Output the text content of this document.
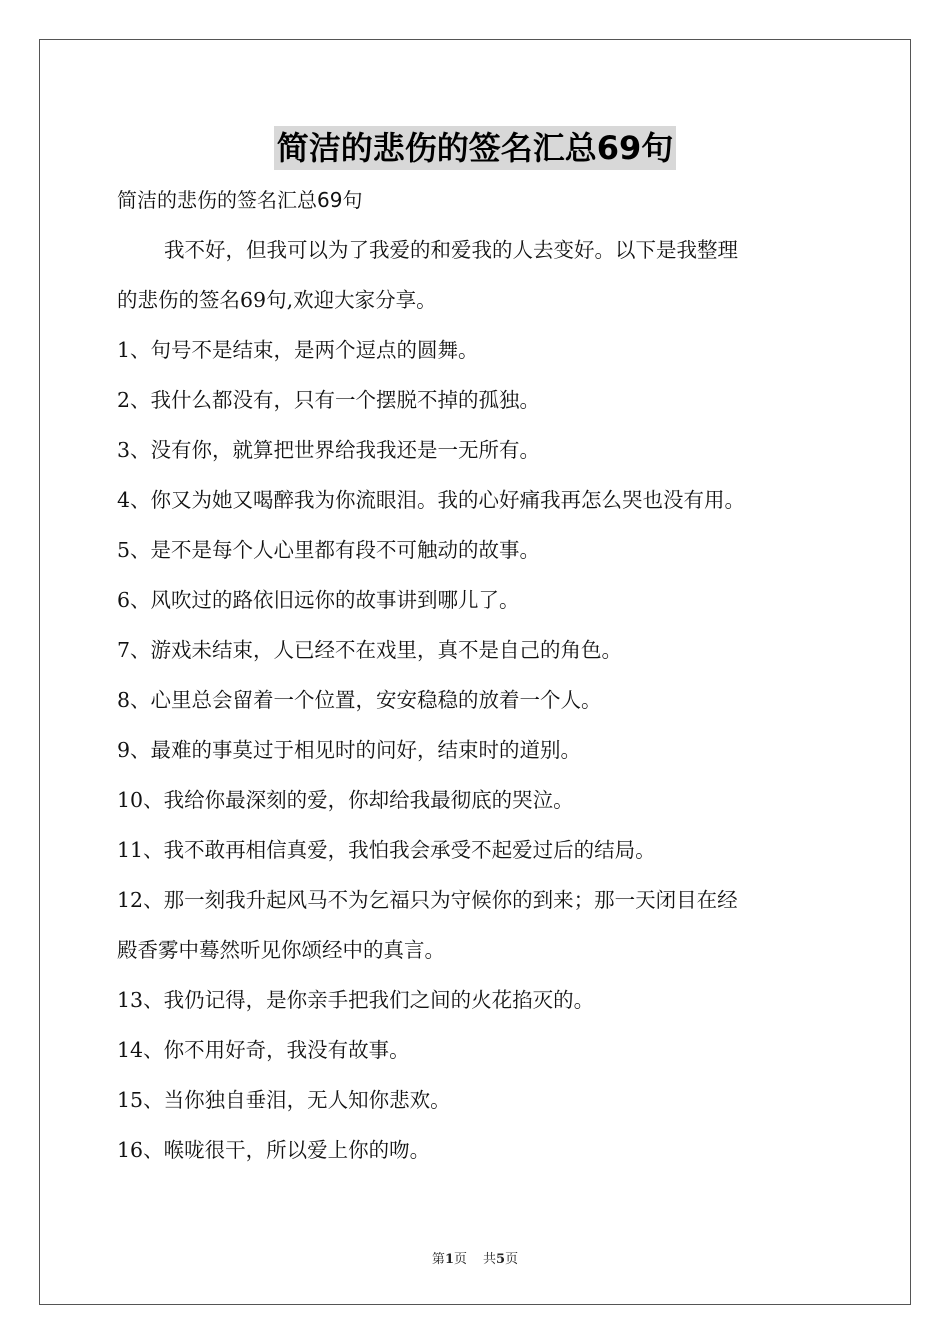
简洁的悲伤的签名汇总69句
简洁的悲伤的签名汇总69句
我不好，但我可以为了我爱的和爱我的人去变好。以下是我整理
的悲伤的签名69句,欢迎大家分享。
1、句号不是结束，是两个逗点的圆舞。
2、我什么都没有，只有一个摆脱不掉的孤独。
3、没有你，就算把世界给我我还是一无所有。
4、你又为她又喝醉我为你流眼泪。我的心好痛我再怎么哭也没有用。
5、是不是每个人心里都有段不可触动的故事。
6、风吹过的路依旧远你的故事讲到哪儿了。
7、游戏未结束，人已经不在戏里，真不是自己的角色。
8、心里总会留着一个位置，安安稳稳的放着一个人。
9、最难的事莫过于相见时的问好，结束时的道别。
10、我给你最深刻的爱，你却给我最彻底的哭泣。
11、我不敢再相信真爱，我怕我会承受不起爱过后的结局。
12、那一刻我升起风马不为乞福只为守候你的到来；那一天闭目在经
殿香雾中蓦然听见你颂经中的真言。
13、我仍记得，是你亲手把我们之间的火花掐灭的。
14、你不用好奇，我没有故事。
15、当你独自垂泪，无人知你悲欢。
16、喉咙很干，所以爱上你的吻。
第1页 共5页
